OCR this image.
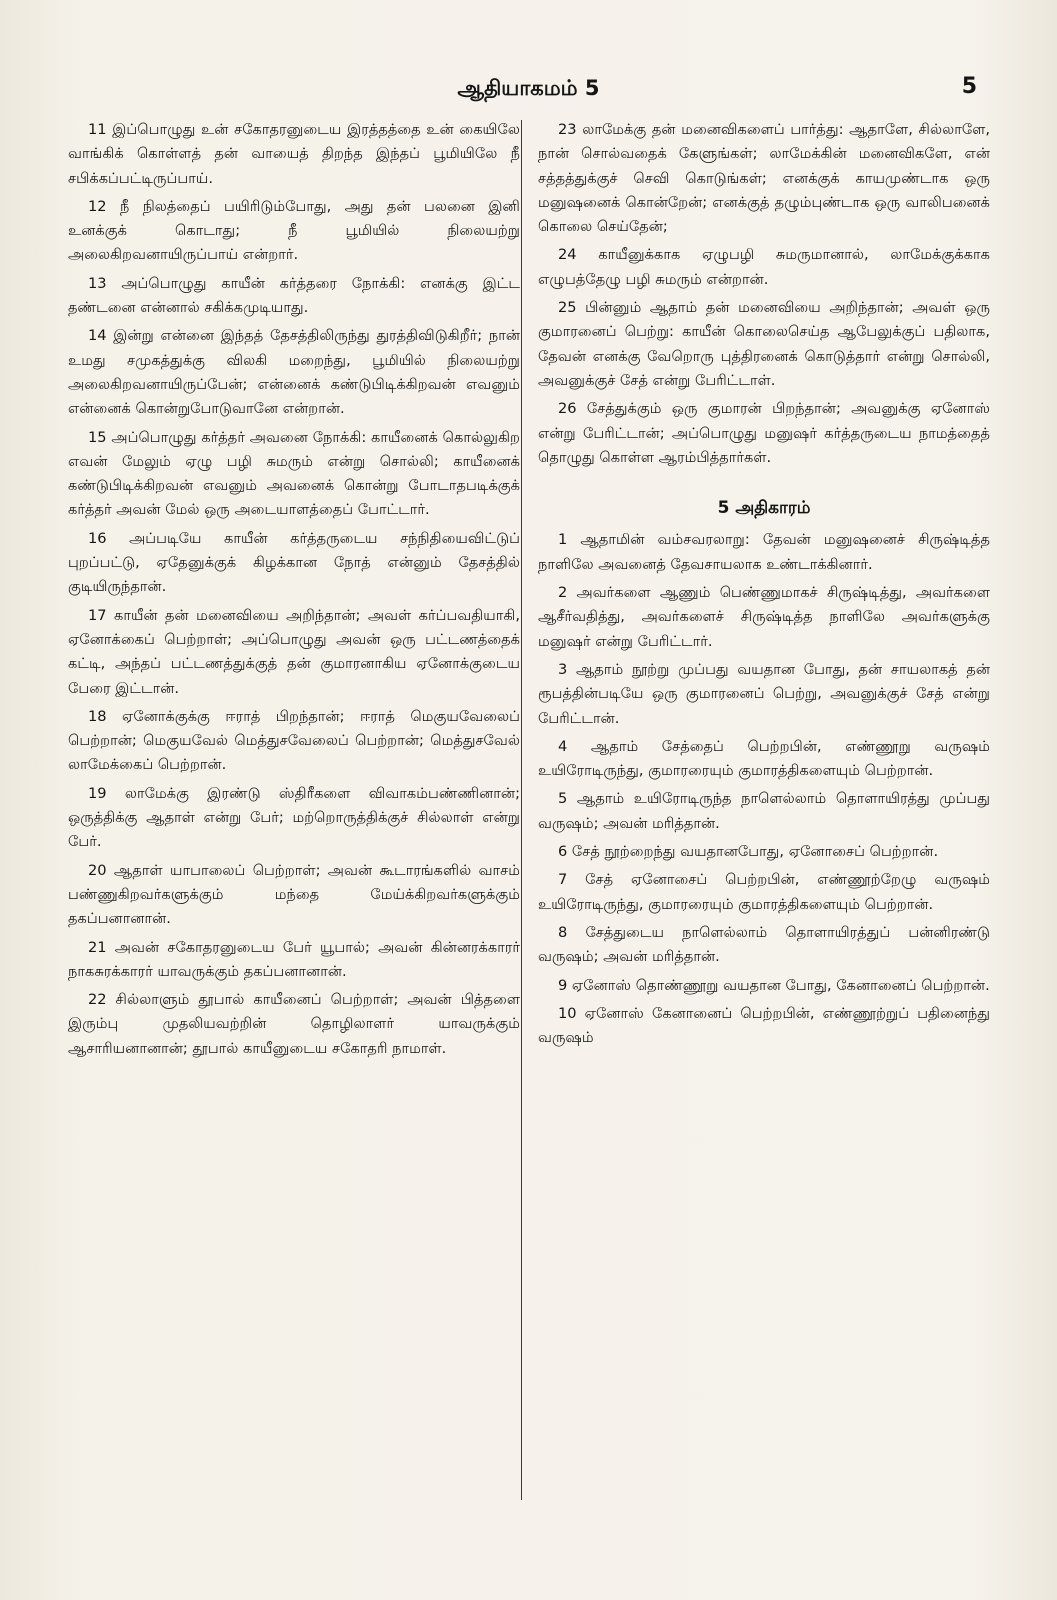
ஆதியாகமம் 5	5

11 இப்பொழுது உன் சகோதரனுடைய இரத்தத்தை உன் கையிலே வாங்கிக் கொள்ளத் தன் வாயைத் திறந்த இந்தப் பூமியிலே நீ சபிக்கப்பட்டிருப்பாய்.

12 நீ நிலத்தைப் பயிரிடும்போது, அது தன் பலனை இனி உனக்குக் கொடாது; நீ பூமியில் நிலையற்று அலைகிறவனாயிருப்பாய் என்றார்.

13 அப்பொழுது காயீன் கர்த்தரை நோக்கி: எனக்கு இட்ட தண்டனை என்னால் சகிக்கமுடியாது.

14 இன்று என்னை இந்தத் தேசத்திலிருந்து துரத்திவிடுகிறீர்; நான் உமது சமுகத்துக்கு விலகி மறைந்து, பூமியில் நிலையற்று அலைகிறவனாயிருப்பேன்; என்னைக் கண்டுபிடிக்கிறவன் எவனும் என்னைக் கொன்றுபோடுவானே என்றான்.

15 அப்பொழுது கர்த்தர் அவனை நோக்கி: காயீனைக் கொல்லுகிற எவன் மேலும் ஏழு பழி சுமரும் என்று சொல்லி; காயீனைக் கண்டுபிடிக்கிறவன் எவனும் அவனைக் கொன்று போடாதபடிக்குக் கர்த்தர் அவன் மேல் ஒரு அடையாளத்தைப் போட்டார்.

16 அப்படியே காயீன் கர்த்தருடைய சந்நிதியைவிட்டுப் புறப்பட்டு, ஏதேனுக்குக் கிழக்கான நோத் என்னும் தேசத்தில் குடியிருந்தான்.

17 காயீன் தன் மனைவியை அறிந்தான்; அவள் கர்ப்பவதியாகி, ஏனோக்கைப் பெற்றாள்; அப்பொழுது அவன் ஒரு பட்டணத்தைக் கட்டி, அந்தப் பட்டணத்துக்குத் தன் குமாரனாகிய ஏனோக்குடைய பேரை இட்டான்.

18 ஏனோக்குக்கு ஈராத் பிறந்தான்; ஈராத் மெகுயவேலைப் பெற்றான்; மெகுயவேல் மெத்துசவேலைப் பெற்றான்; மெத்துசவேல் லாமேக்கைப் பெற்றான்.

19 லாமேக்கு இரண்டு ஸ்திரீகளை விவாகம்பண்ணினான்; ஒருத்திக்கு ஆதாள் என்று பேர்; மற்றொருத்திக்குச் சில்லாள் என்று பேர்.

20 ஆதாள் யாபாலைப் பெற்றாள்; அவன் கூடாரங்களில் வாசம் பண்ணுகிறவர்களுக்கும் மந்தை மேய்க்கிறவர்களுக்கும் தகப்பனானான்.

21 அவன் சகோதரனுடைய பேர் யூபால்; அவன் கின்னரக்காரர் நாகசுரக்காரர் யாவருக்கும் தகப்பனானான்.

22 சில்லாளும் தூபால் காயீனைப் பெற்றாள்; அவன் பித்தளை இரும்பு முதலியவற்றின் தொழிலாளர் யாவருக்கும் ஆசாரியனானான்; தூபால் காயீனுடைய சகோதரி நாமாள்.

23 லாமேக்கு தன் மனைவிகளைப் பார்த்து: ஆதாளே, சில்லாளே, நான் சொல்வதைக் கேளுங்கள்; லாமேக்கின் மனைவிகளே, என் சத்தத்துக்குச் செவி கொடுங்கள்; எனக்குக் காயமுண்டாக ஒரு மனுஷனைக் கொன்றேன்; எனக்குத் தழும்புண்டாக ஒரு வாலிபனைக் கொலை செய்தேன்;

24 காயீனுக்காக ஏழுபழி சுமருமானால், லாமேக்குக்காக எழுபத்தேழு பழி சுமரும் என்றான்.

25 பின்னும் ஆதாம் தன் மனைவியை அறிந்தான்; அவள் ஒரு குமாரனைப் பெற்று: காயீன் கொலைசெய்த ஆபேலுக்குப் பதிலாக, தேவன் எனக்கு வேறொரு புத்திரனைக் கொடுத்தார் என்று சொல்லி, அவனுக்குச் சேத் என்று பேரிட்டாள்.

26 சேத்துக்கும் ஒரு குமாரன் பிறந்தான்; அவனுக்கு ஏனோஸ் என்று பேரிட்டான்; அப்பொழுது மனுஷர் கர்த்தருடைய நாமத்தைத் தொழுது கொள்ள ஆரம்பித்தார்கள்.

5 அதிகாரம்

1 ஆதாமின் வம்சவரலாறு: தேவன் மனுஷனைச் சிருஷ்டித்த நாளிலே அவனைத் தேவசாயலாக உண்டாக்கினார்.

2 அவர்களை ஆணும் பெண்ணுமாகச் சிருஷ்டித்து, அவர்களை ஆசீர்வதித்து, அவர்களைச் சிருஷ்டித்த நாளிலே அவர்களுக்கு மனுஷர் என்று பேரிட்டார்.

3 ஆதாம் நூற்று முப்பது வயதான போது, தன் சாயலாகத் தன் ரூபத்தின்படியே ஒரு குமாரனைப் பெற்று, அவனுக்குச் சேத் என்று பேரிட்டான்.

4 ஆதாம் சேத்தைப் பெற்றபின், எண்ணூறு வருஷம் உயிரோடிருந்து, குமாரரையும் குமாரத்திகளையும் பெற்றான்.

5 ஆதாம் உயிரோடிருந்த நாளெல்லாம் தொளாயிரத்து முப்பது வருஷம்; அவன் மரித்தான்.

6 சேத் நூற்றைந்து வயதானபோது, ஏனோசைப் பெற்றான்.

7 சேத் ஏனோசைப் பெற்றபின், எண்ணூற்றேழு வருஷம் உயிரோடிருந்து, குமாரரையும் குமாரத்திகளையும் பெற்றான்.

8 சேத்துடைய நாளெல்லாம் தொளாயிரத்துப் பன்னிரண்டு வருஷம்; அவன் மரித்தான்.

9 ஏனோஸ் தொண்ணூறு வயதான போது, கேனானைப் பெற்றான்.

10 ஏனோஸ் கேனானைப் பெற்றபின், எண்ணூற்றுப் பதினைந்து வருஷம்
